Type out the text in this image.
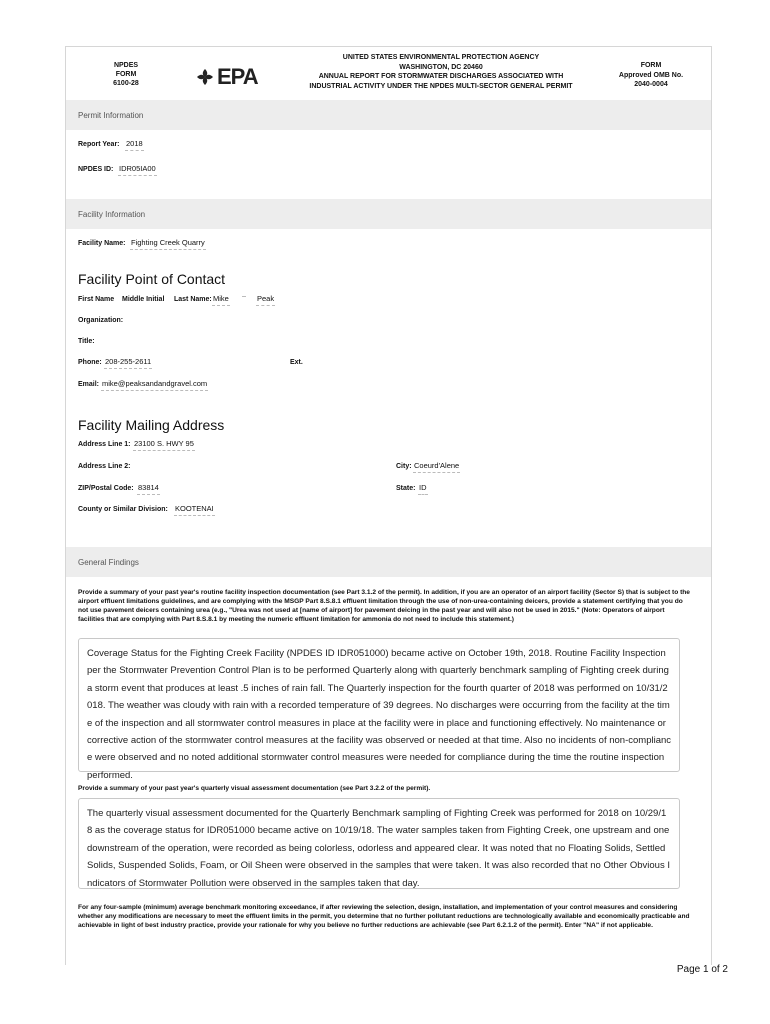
NPDES
FORM
6100-28	EPA
UNITED STATES ENVIRONMENTAL PROTECTION AGENCY
WASHINGTON, DC 20460
ANNUAL REPORT FOR STORMWATER DISCHARGES ASSOCIATED WITH
INDUSTRIAL ACTIVITY UNDER THE NPDES MULTI-SECTOR GENERAL PERMIT
FORM
Approved OMB No.
2040-0004
Permit Information
Report Year: 2018
NPDES ID: IDR05IA00
Facility Information
Facility Name: Fighting Creek Quarry
Facility Point of Contact
First Name Middle Initial Last Name: Mike	Peak
Organization:
Title:
Phone: 208-255-2611	Ext.
Email: mike@peaksandandgravel.com
Facility Mailing Address
Address Line 1: 23100 S. HWY 95
Address Line 2:	City: Coeurd'Alene
ZIP/Postal Code: 83814	State: ID
County or Similar Division: KOOTENAI
General Findings
Provide a summary of your past year's routine facility inspection documentation (see Part 3.1.2 of the permit). In addition, if you are an operator of an airport facility (Sector S) that is subject to the airport effluent limitations guidelines, and are complying with the MSGP Part 8.S.8.1 effluent limitation through the use of non-urea-containing deicers, provide a statement certifying that you do not use pavement deicers containing urea (e.g., "Urea was not used at [name of airport] for pavement deicing in the past year and will also not be used in 2015." (Note: Operators of airport facilities that are complying with Part 8.S.8.1 by meeting the numeric effluent limitation for ammonia do not need to include this statement.)
Coverage Status for the Fighting Creek Facility (NPDES ID IDR051000) became active on October 19th, 2018. Routine Facility Inspection per the Stormwater Prevention Control Plan is to be performed Quarterly along with quarterly benchmark sampling of Fighting creek during a storm event that produces at least .5 inches of rain fall. The Quarterly inspection for the fourth quarter of 2018 was performed on 10/31/2018. The weather was cloudy with rain with a recorded temperature of 39 degrees. No discharges were occurring from the facility at the time of the inspection and all stormwater control measures in place at the facility were in place and functioning effectively. No maintenance or corrective action of the stormwater control measures at the facility was observed or needed at that time. Also no incidents of non-compliance were observed and no noted additional stormwater control measures were needed for compliance during the time the routine inspection performed.
Provide a summary of your past year's quarterly visual assessment documentation (see Part 3.2.2 of the permit).
The quarterly visual assessment documented for the Quarterly Benchmark sampling of Fighting Creek was performed for 2018 on 10/29/18 as the coverage status for IDR051000 became active on 10/19/18. The water samples taken from Fighting Creek, one upstream and one downstream of the operation, were recorded as being colorless, odorless and appeared clear. It was noted that no Floating Solids, Settled Solids, Suspended Solids, Foam, or Oil Sheen were observed in the samples that were taken. It was also recorded that no Other Obvious Indicators of Stormwater Pollution were observed in the samples taken that day.
For any four-sample (minimum) average benchmark monitoring exceedance, if after reviewing the selection, design, installation, and implementation of your control measures and considering whether any modifications are necessary to meet the effluent limits in the permit, you determine that no further pollutant reductions are technologically available and economically practicable and achievable in light of best industry practice, provide your rationale for why you believe no further reductions are achievable (see Part 6.2.1.2 of the permit). Enter "NA" if not applicable.
Page 1 of 2
